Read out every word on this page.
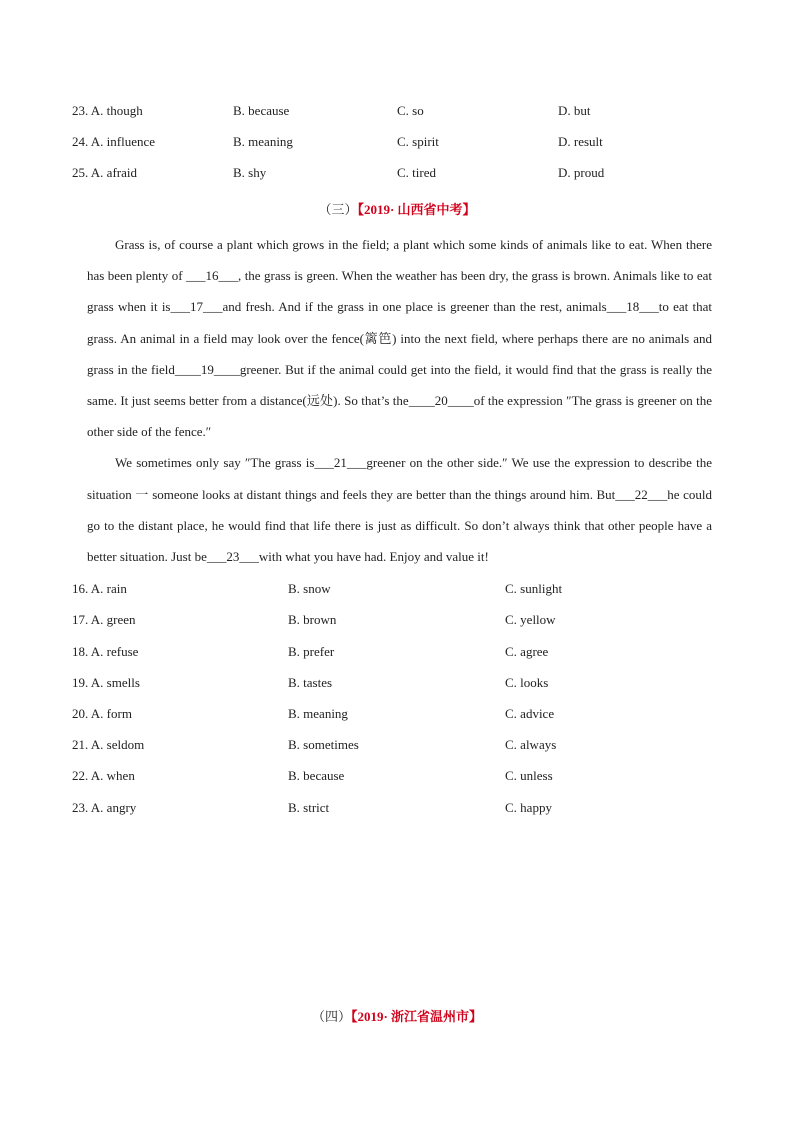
23. A. though	B. because	C. so	D. but
24. A. influence	B. meaning	C. spirit	D. result
25. A. afraid	B. shy	C. tired	D. proud
（三）【2019· 山西省中考】

Grass is, of course a plant which grows in the field; a plant which some kinds of animals like to eat. When there has been plenty of ___16___, the grass is green. When the weather has been dry, the grass is brown. Animals like to eat grass when it is___17___and fresh. And if the grass in one place is greener than the rest, animals___18___to eat that grass. An animal in a field may look over the fence(篱笆) into the next field, where perhaps there are no animals and grass in the field____19____greener. But if the animal could get into the field, it would find that the grass is really the same. It just seems better from a distance(远处). So that’s the____20____of the expression ″The grass is greener on the other side of the fence.″

We sometimes only say ″The grass is___21___greener on the other side.″ We use the expression to describe the situation 一 someone looks at distant things and feels they are better than the things around him. But___22___he could go to the distant place, he would find that life there is just as difficult. So don’t always think that other people have a better situation. Just be___23___with what you have had. Enjoy and value it!

16. A. rain	B. snow	C. sunlight
17. A. green	B. brown	C. yellow
18. A. refuse	B. prefer	C. agree
19. A. smells	B. tastes	C. looks
20. A. form	B. meaning	C. advice
21. A. seldom	B. sometimes	C. always
22. A. when	B. because	C. unless
23. A. angry	B. strict	C. happy
（四）【2019· 浙江省温州市】
